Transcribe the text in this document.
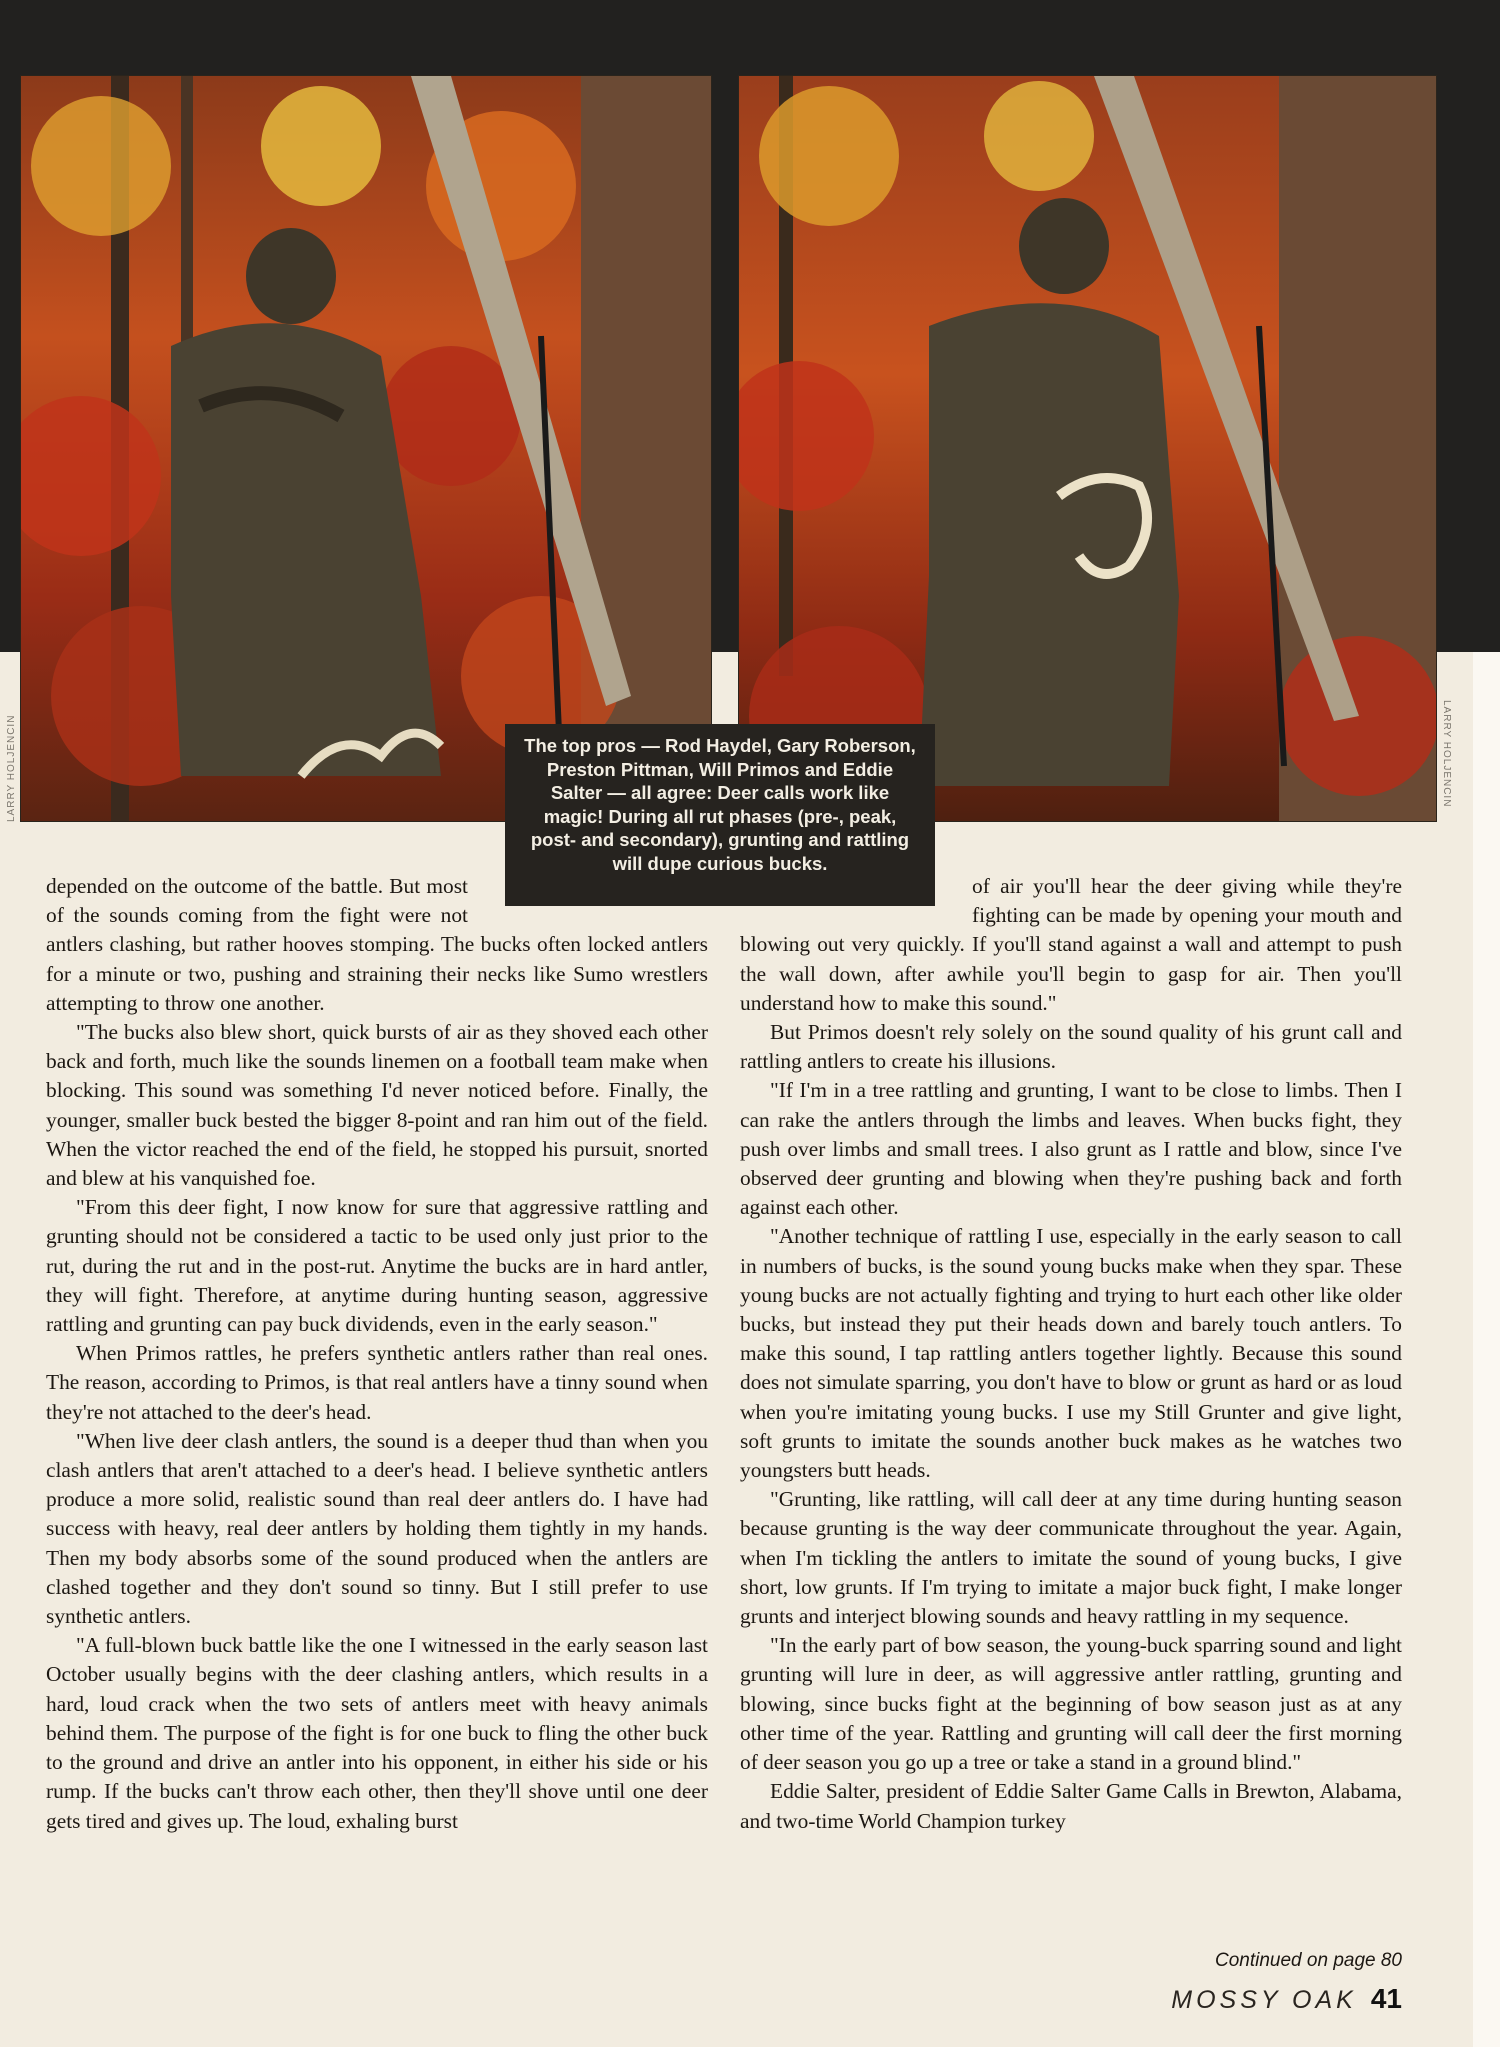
LARRY HOLJENCIN	LARRY HOLJENCIN
The top pros — Rod Haydel, Gary Roberson, Preston Pittman, Will Primos and Eddie Salter — all agree: Deer calls work like magic! During all rut phases (pre-, peak, post- and secondary), grunting and rattling will dupe curious bucks.

depended on the outcome of the battle. But most of the sounds coming from the fight were not antlers clashing, but rather hooves stomping. The bucks often locked antlers for a minute or two, pushing and straining their necks like Sumo wrestlers attempting to throw one another.

"The bucks also blew short, quick bursts of air as they shoved each other back and forth, much like the sounds linemen on a football team make when blocking. This sound was something I'd never noticed before. Finally, the younger, smaller buck bested the bigger 8-point and ran him out of the field. When the victor reached the end of the field, he stopped his pursuit, snorted and blew at his vanquished foe.

"From this deer fight, I now know for sure that aggressive rattling and grunting should not be considered a tactic to be used only just prior to the rut, during the rut and in the post-rut. Anytime the bucks are in hard antler, they will fight. Therefore, at anytime during hunting season, aggressive rattling and grunting can pay buck dividends, even in the early season."

When Primos rattles, he prefers synthetic antlers rather than real ones. The reason, according to Primos, is that real antlers have a tinny sound when they're not attached to the deer's head.

"When live deer clash antlers, the sound is a deeper thud than when you clash antlers that aren't attached to a deer's head. I believe synthetic antlers produce a more solid, realistic sound than real deer antlers do. I have had success with heavy, real deer antlers by holding them tightly in my hands. Then my body absorbs some of the sound produced when the antlers are clashed together and they don't sound so tinny. But I still prefer to use synthetic antlers.

"A full-blown buck battle like the one I witnessed in the early season last October usually begins with the deer clashing antlers, which results in a hard, loud crack when the two sets of antlers meet with heavy animals behind them. The purpose of the fight is for one buck to fling the other buck to the ground and drive an antler into his opponent, in either his side or his rump. If the bucks can't throw each other, then they'll shove until one deer gets tired and gives up. The loud, exhaling burst

of air you'll hear the deer giving while they're fighting can be made by opening your mouth and blowing out very quickly. If you'll stand against a wall and attempt to push the wall down, after awhile you'll begin to gasp for air. Then you'll understand how to make this sound."

But Primos doesn't rely solely on the sound quality of his grunt call and rattling antlers to create his illusions.

"If I'm in a tree rattling and grunting, I want to be close to limbs. Then I can rake the antlers through the limbs and leaves. When bucks fight, they push over limbs and small trees. I also grunt as I rattle and blow, since I've observed deer grunting and blowing when they're pushing back and forth against each other.

"Another technique of rattling I use, especially in the early season to call in numbers of bucks, is the sound young bucks make when they spar. These young bucks are not actually fighting and trying to hurt each other like older bucks, but instead they put their heads down and barely touch antlers. To make this sound, I tap rattling antlers together lightly. Because this sound does not simulate sparring, you don't have to blow or grunt as hard or as loud when you're imitating young bucks. I use my Still Grunter and give light, soft grunts to imitate the sounds another buck makes as he watches two youngsters butt heads.

"Grunting, like rattling, will call deer at any time during hunting season because grunting is the way deer communicate throughout the year. Again, when I'm tickling the antlers to imitate the sound of young bucks, I give short, low grunts. If I'm trying to imitate a major buck fight, I make longer grunts and interject blowing sounds and heavy rattling in my sequence.

"In the early part of bow season, the young-buck sparring sound and light grunting will lure in deer, as will aggressive antler rattling, grunting and blowing, since bucks fight at the beginning of bow season just as at any other time of the year. Rattling and grunting will call deer the first morning of deer season you go up a tree or take a stand in a ground blind."

Eddie Salter, president of Eddie Salter Game Calls in Brewton, Alabama, and two-time World Champion turkey

Continued on page 80
MOSSY OAK 41
